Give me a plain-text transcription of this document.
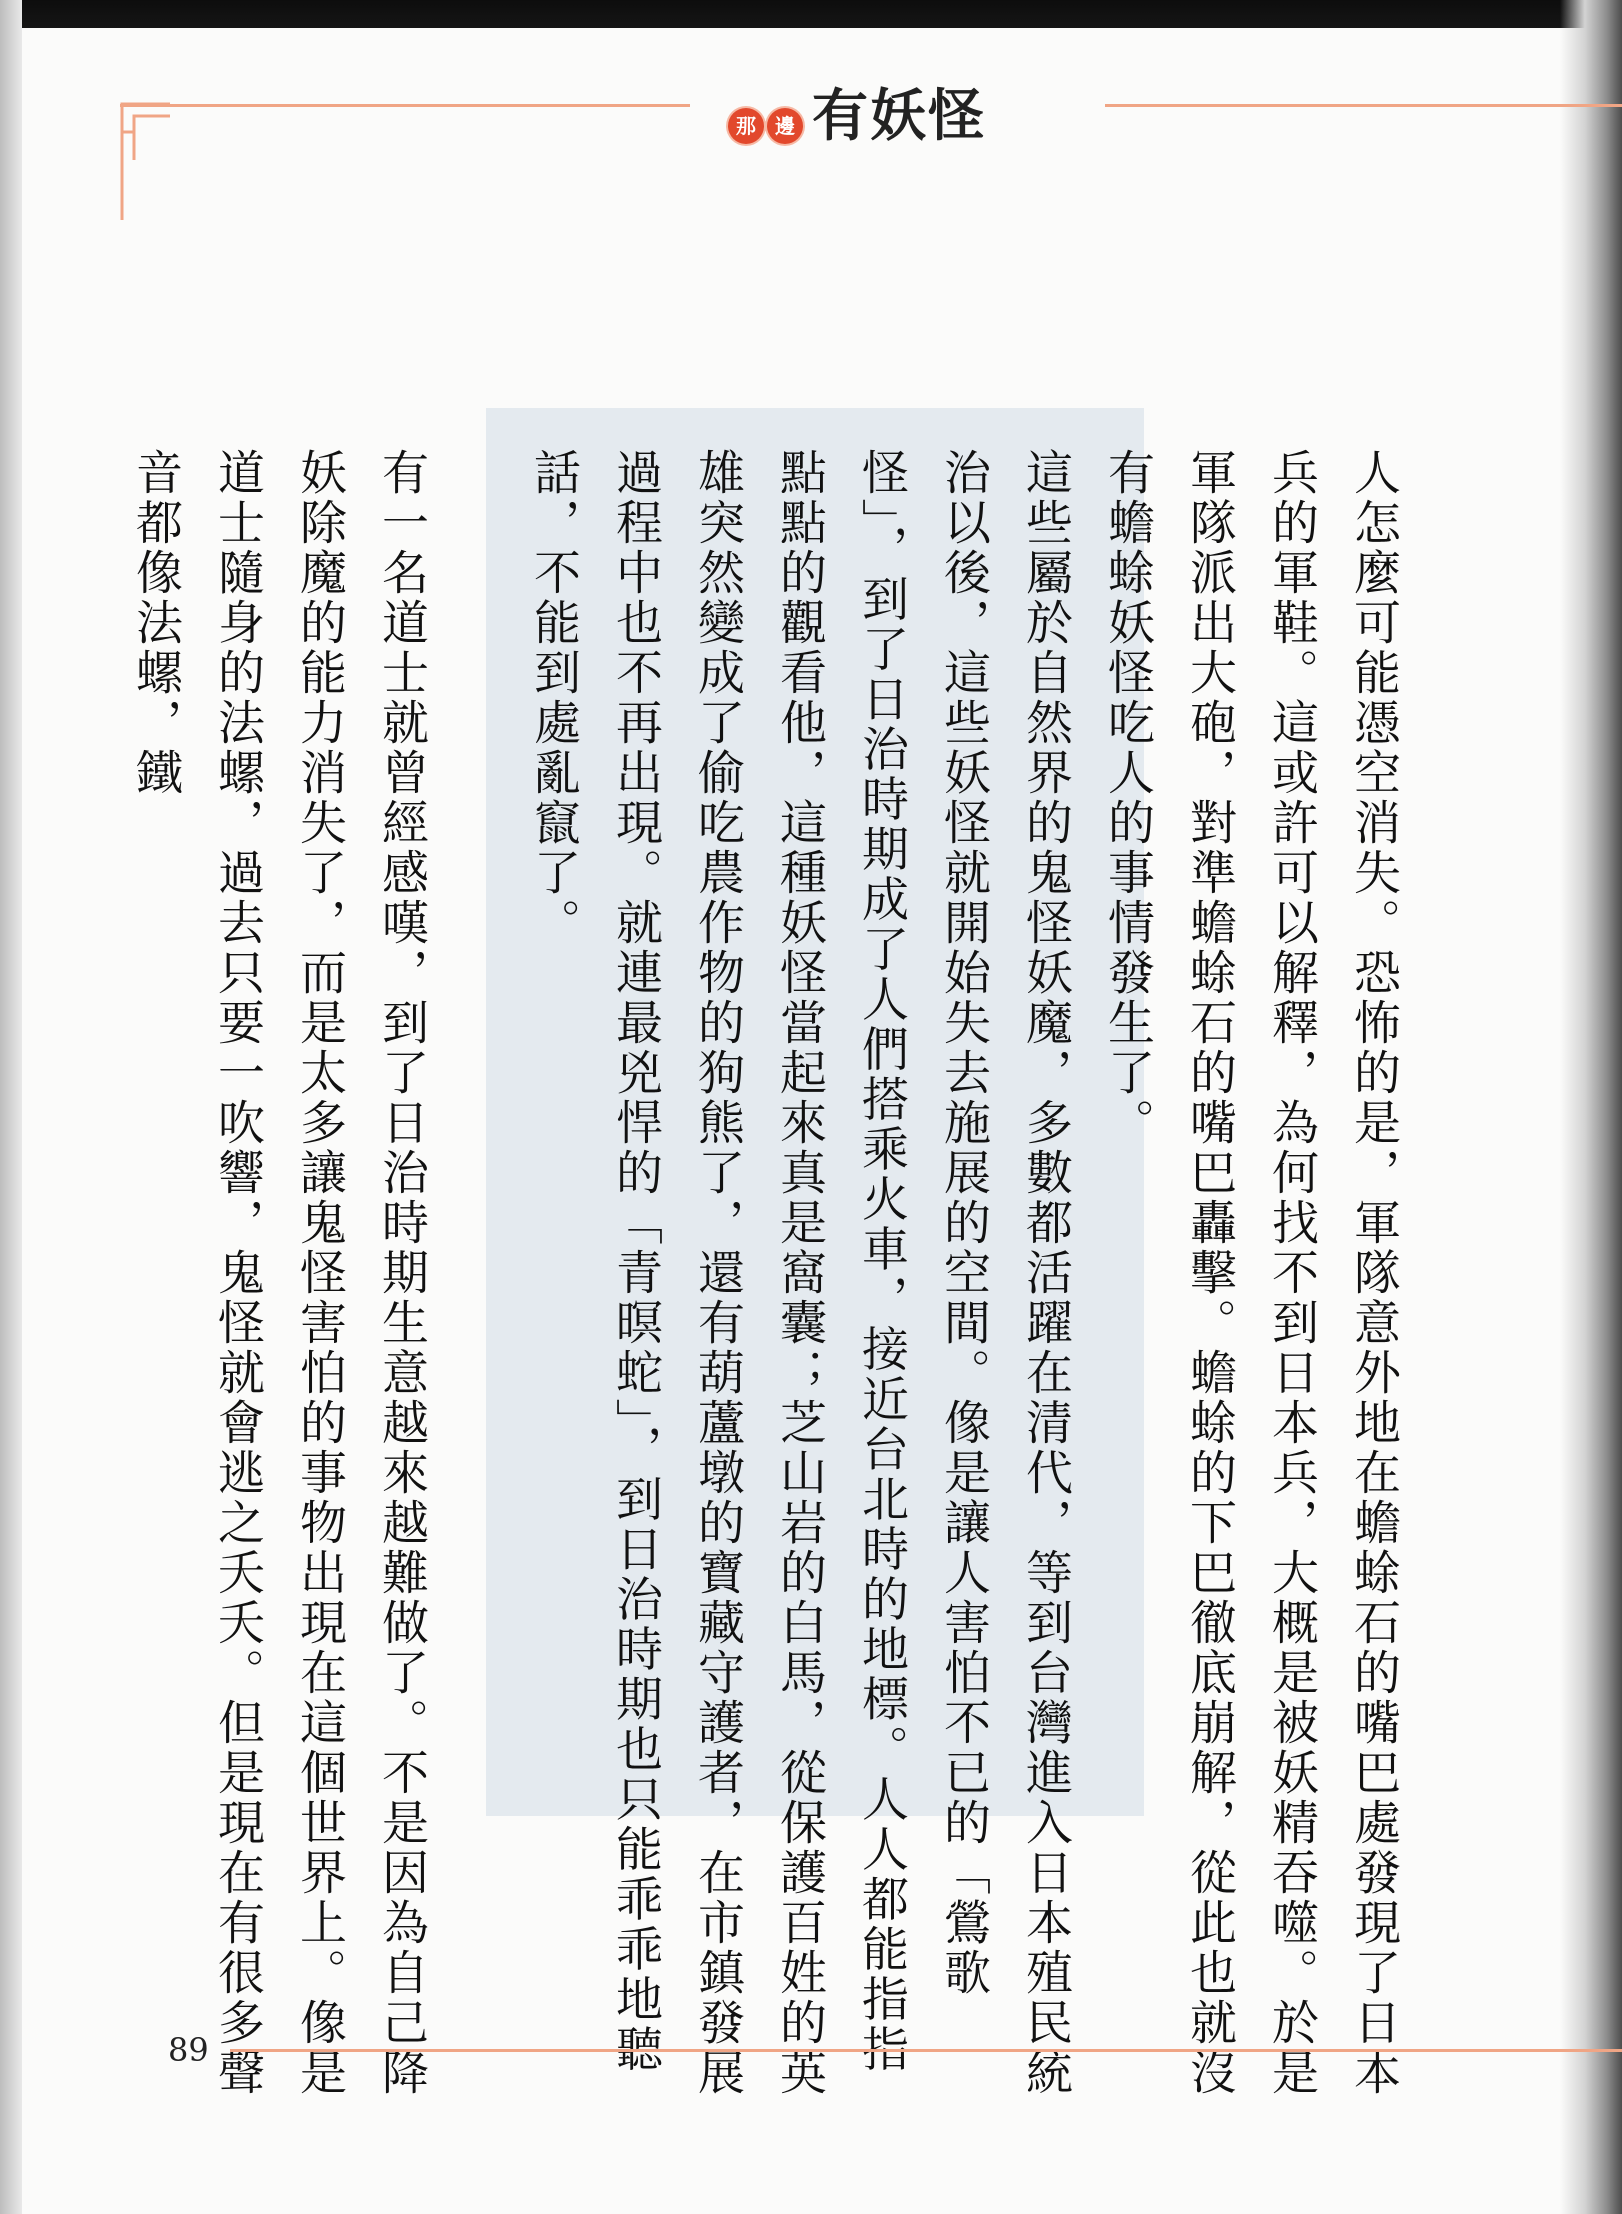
那 邊 有妖怪

人怎麼可能憑空消失。恐怖的是，軍隊意外地在蟾蜍石的嘴巴處發現了日本兵的軍鞋。這或許可以解釋，為何找不到日本兵，大概是被妖精吞噬。於是軍隊派出大砲，對準蟾蜍石的嘴巴轟擊。蟾蜍的下巴徹底崩解，從此也就沒有蟾蜍妖怪吃人的事情發生了。

這些屬於自然界的鬼怪妖魔，多數都活躍在清代，等到台灣進入日本殖民統治以後，這些妖怪就開始失去施展的空間。像是讓人害怕不已的「鶯歌怪」，到了日治時期成了人們搭乘火車，接近台北時的地標。人人都能指指點點的觀看他，這種妖怪當起來真是窩囊；芝山岩的白馬，從保護百姓的英雄突然變成了偷吃農作物的狗熊了，還有葫蘆墩的寶藏守護者，在市鎮發展過程中也不再出現。就連最兇悍的「青暝蛇」，到日治時期也只能乖乖地聽話，不能到處亂竄了。

有一名道士就曾經感嘆，到了日治時期生意越來越難做了。不是因為自己降妖除魔的能力消失了，而是太多讓鬼怪害怕的事物出現在這個世界上。像是道士隨身的法螺，過去只要一吹響，鬼怪就會逃之夭夭。但是現在有很多聲音都像法螺，鐵

89
